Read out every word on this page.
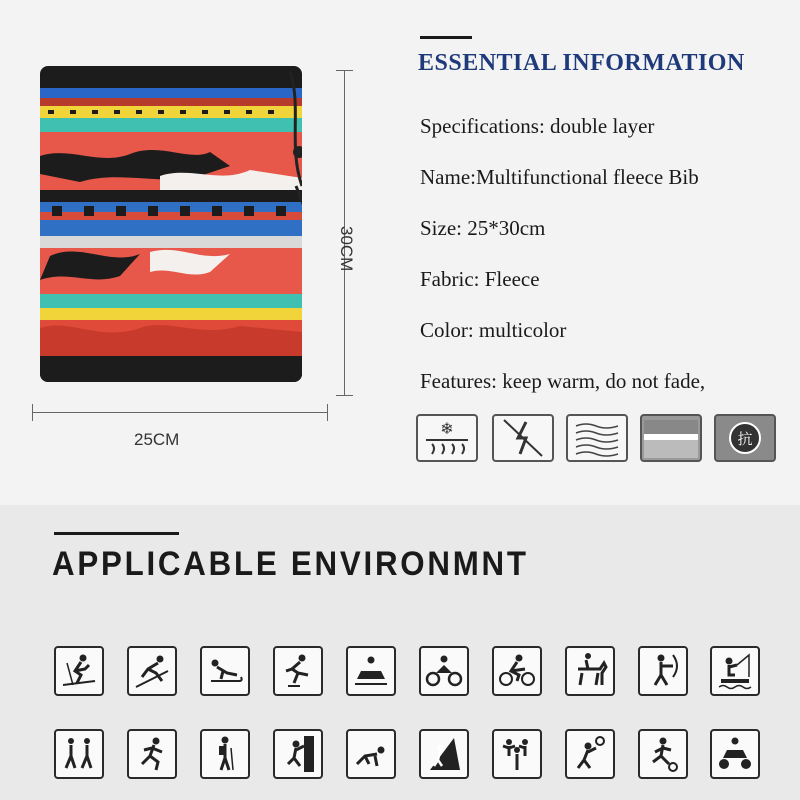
30CM
25CM
ESSENTIAL INFORMATION
Specifications: double layer
Name:Multifunctional fleece Bib
Size: 25*30cm
Fabric: Fleece
Color: multicolor
Features: keep warm, do not fade,
❄
抗
APPLICABLE ENVIRONMNT
